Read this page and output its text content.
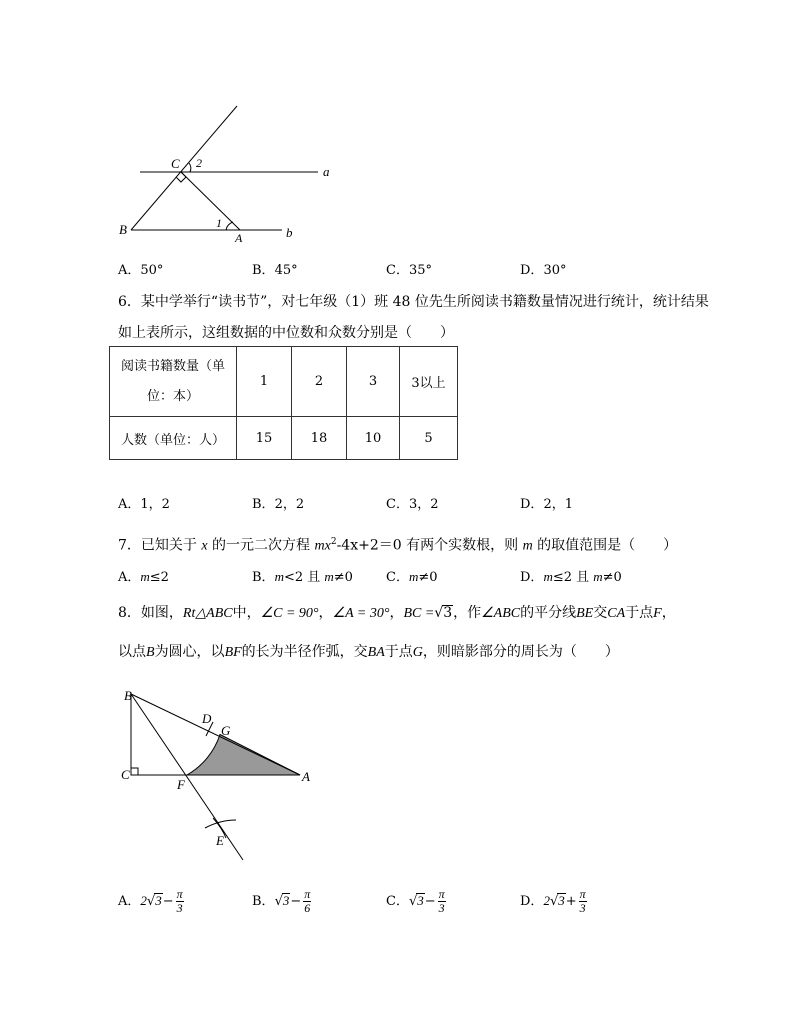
C 2
a
B	1
A	b
A．50°	B．45°	C．35°	D．30°
6．某中学举行“读书节”，对七年级（1）班 48 位先生所阅读书籍数量情况进行统计，统计结果
如上表所示，这组数据的中位数和众数分别是（　　）
阅读书籍数量（单
位：本）	1	2	3	3以上
人数（单位：人）	15	18	10	5
A．1，2	B．2，2	C．3，2	D．2，1
7．已知关于 x 的一元二次方程 $mx^2-4x+2=0$ 有两个实数根，则 m 的取值范围是（　　）
A．m≤2	B．m<2 且 m≠0	C．m≠0	D．m≤2 且 m≠0
8．如图，Rt△ABC中，∠C = 90°，∠A = 30°，BC =√3，作∠ABC的平分线BE交CA于点F，
以点B为圆心，以BF的长为半径作弧，交BA于点G，则暗影部分的周长为（　　）
B
D
G
C
F
A
E
A．$2√3- \frac{\pi}{3}$	B．$√3- \frac{\pi}{6}$	C．$√3- \frac{\pi}{3}$	D．$2√3+ \frac{\pi}{3}$
